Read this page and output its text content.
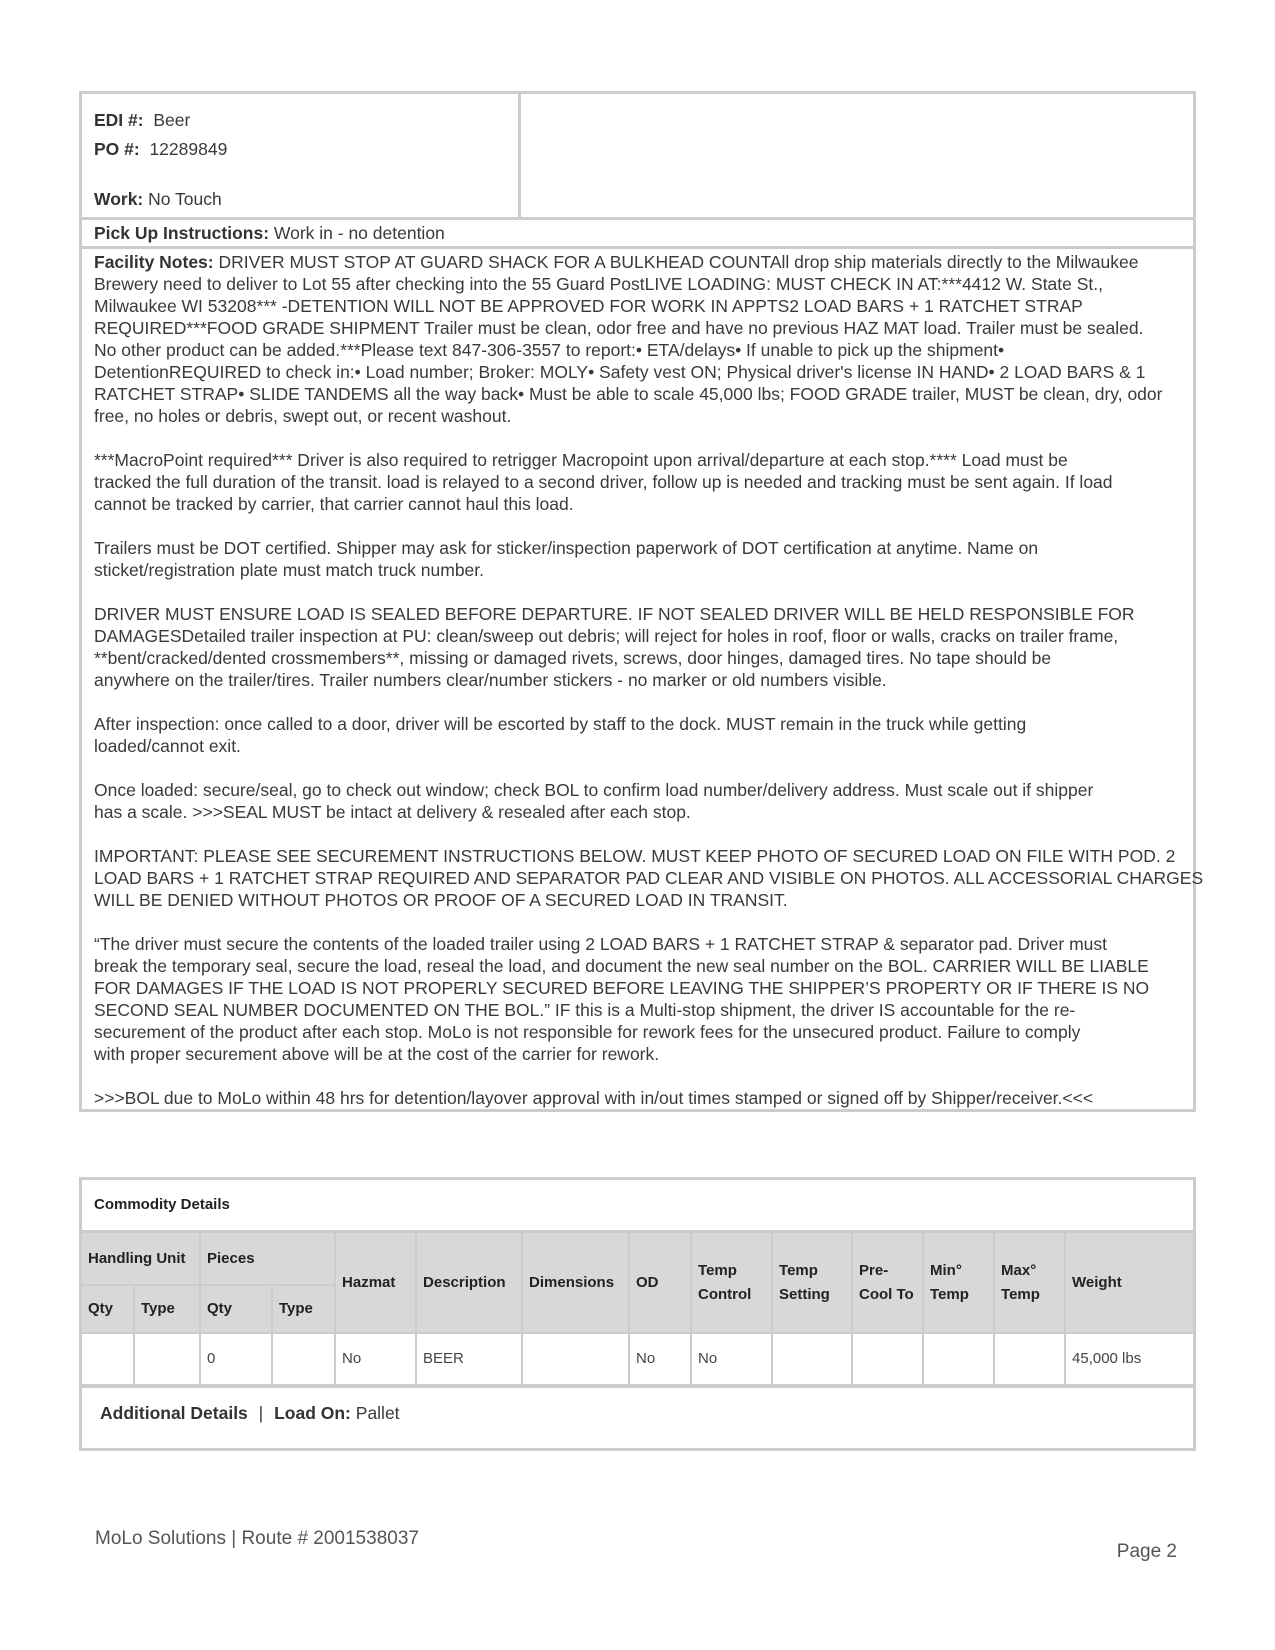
EDI #: Beer
PO #: 12289849
Work: No Touch
Pick Up Instructions: Work in - no detention

Facility Notes: DRIVER MUST STOP AT GUARD SHACK FOR A BULKHEAD COUNTAll drop ship materials directly to the Milwaukee
Brewery need to deliver to Lot 55 after checking into the 55 Guard PostLIVE LOADING: MUST CHECK IN AT:***4412 W. State St.,
Milwaukee WI 53208*** -DETENTION WILL NOT BE APPROVED FOR WORK IN APPTS2 LOAD BARS + 1 RATCHET STRAP
REQUIRED***FOOD GRADE SHIPMENT Trailer must be clean, odor free and have no previous HAZ MAT load. Trailer must be sealed.
No other product can be added.***Please text 847-306-3557 to report:• ETA/delays• If unable to pick up the shipment•
DetentionREQUIRED to check in:• Load number; Broker: MOLY• Safety vest ON; Physical driver's license IN HAND• 2 LOAD BARS & 1
RATCHET STRAP• SLIDE TANDEMS all the way back• Must be able to scale 45,000 lbs; FOOD GRADE trailer, MUST be clean, dry, odor
free, no holes or debris, swept out, or recent washout.

***MacroPoint required*** Driver is also required to retrigger Macropoint upon arrival/departure at each stop.**** Load must be
tracked the full duration of the transit. load is relayed to a second driver, follow up is needed and tracking must be sent again. If load
cannot be tracked by carrier, that carrier cannot haul this load.

Trailers must be DOT certified. Shipper may ask for sticker/inspection paperwork of DOT certification at anytime. Name on
sticket/registration plate must match truck number.

DRIVER MUST ENSURE LOAD IS SEALED BEFORE DEPARTURE. IF NOT SEALED DRIVER WILL BE HELD RESPONSIBLE FOR
DAMAGESDetailed trailer inspection at PU: clean/sweep out debris; will reject for holes in roof, floor or walls, cracks on trailer frame,
**bent/cracked/dented crossmembers**, missing or damaged rivets, screws, door hinges, damaged tires. No tape should be
anywhere on the trailer/tires. Trailer numbers clear/number stickers - no marker or old numbers visible.

After inspection: once called to a door, driver will be escorted by staff to the dock. MUST remain in the truck while getting
loaded/cannot exit.

Once loaded: secure/seal, go to check out window; check BOL to confirm load number/delivery address. Must scale out if shipper
has a scale. >>>SEAL MUST be intact at delivery & resealed after each stop.

IMPORTANT: PLEASE SEE SECUREMENT INSTRUCTIONS BELOW. MUST KEEP PHOTO OF SECURED LOAD ON FILE WITH POD. 2
LOAD BARS + 1 RATCHET STRAP REQUIRED AND SEPARATOR PAD CLEAR AND VISIBLE ON PHOTOS. ALL ACCESSORIAL CHARGES
WILL BE DENIED WITHOUT PHOTOS OR PROOF OF A SECURED LOAD IN TRANSIT.

“The driver must secure the contents of the loaded trailer using 2 LOAD BARS + 1 RATCHET STRAP & separator pad. Driver must
break the temporary seal, secure the load, reseal the load, and document the new seal number on the BOL. CARRIER WILL BE LIABLE
FOR DAMAGES IF THE LOAD IS NOT PROPERLY SECURED BEFORE LEAVING THE SHIPPER’S PROPERTY OR IF THERE IS NO
SECOND SEAL NUMBER DOCUMENTED ON THE BOL.” IF this is a Multi-stop shipment, the driver IS accountable for the re-
securement of the product after each stop. MoLo is not responsible for rework fees for the unsecured product. Failure to comply
with proper securement above will be at the cost of the carrier for rework.

>>>BOL due to MoLo within 48 hrs for detention/layover approval with in/out times stamped or signed off by Shipper/receiver.<<<

Commodity Details
Handling Unit		Pieces		Hazmat	Description	Dimensions	OD	Temp Control	Temp Setting	Pre-Cool To	Min° Temp	Max° Temp	Weight
Qty	Type	Qty	Type										
		0		No	BEER		No	No					45,000 lbs
Additional Details | Load On: Pallet
MoLo Solutions | Route # 2001538037
Page 2
